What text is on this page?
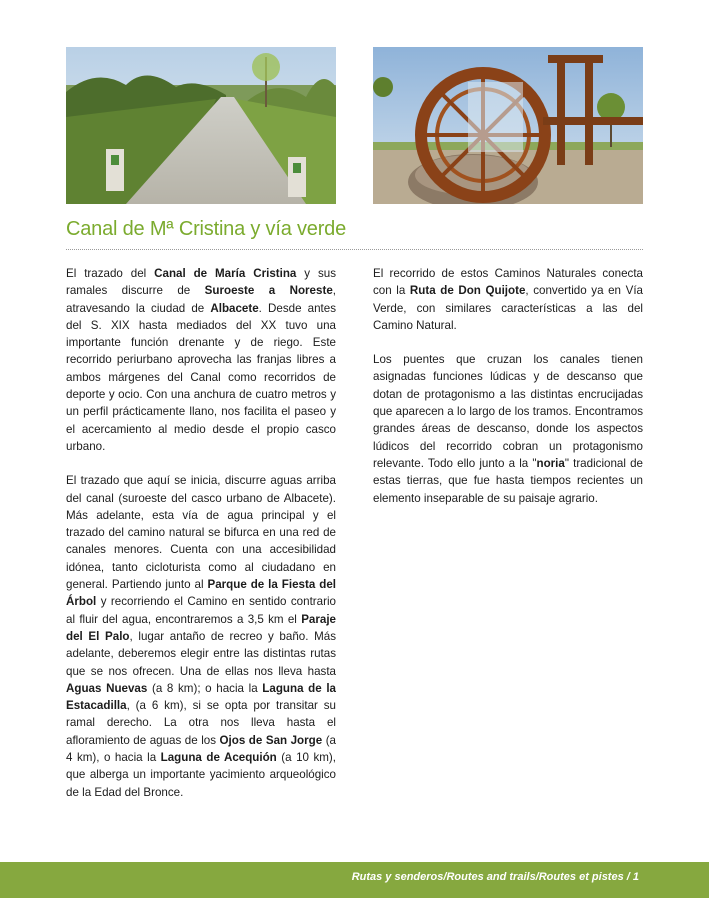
Canal de Mª Cristina y vía verde

El trazado del Canal de María Cristina y sus ramales discurre de Suroeste a Noreste, atravesando la ciudad de Albacete. Desde antes del S. XIX hasta mediados del XX tuvo una importante función drenante y de riego. Este recorrido periurbano aprovecha las franjas libres a ambos márgenes del Canal como recorridos de deporte y ocio. Con una anchura de cuatro metros y un perfil prácticamente llano, nos facilita el paseo y el acercamiento al medio desde el propio casco urbano.

El trazado que aquí se inicia, discurre aguas arriba del canal (suroeste del casco urbano de Albacete). Más adelante, esta vía de agua principal y el trazado del camino natural se bifurca en una red de canales menores. Cuenta con una accesibilidad idónea, tanto cicloturista como al ciudadano en general. Partiendo junto al Parque de la Fiesta del Árbol y recorriendo el Camino en sentido contrario al fluir del agua, encontraremos a 3,5 km el Paraje del El Palo, lugar antaño de recreo y baño. Más adelante, deberemos elegir entre las distintas rutas que se nos ofrecen. Una de ellas nos lleva hasta Aguas Nuevas (a 8 km); o hacia la Laguna de la Estacadilla, (a 6 km), si se opta por transitar su ramal derecho. La otra nos lleva hasta el afloramiento de aguas de los Ojos de San Jorge (a 4 km), o hacia la Laguna de Acequión (a 10 km), que alberga un importante yacimiento arqueológico de la Edad del Bronce.

El recorrido de estos Caminos Naturales conecta con la Ruta de Don Quijote, convertido ya en Vía Verde, con similares características a las del Camino Natural.

Los puentes que cruzan los canales tienen asignadas funciones lúdicas y de descanso que dotan de protagonismo a las distintas encrucijadas que aparecen a lo largo de los tramos. Encontramos grandes áreas de descanso, donde los aspectos lúdicos del recorrido cobran un protagonismo relevante. Todo ello junto a la "noria" tradicional de estas tierras, que fue hasta tiempos recientes un elemento inseparable de su paisaje agrario.

Rutas y senderos/Routes and trails/Routes et pistes / 1
